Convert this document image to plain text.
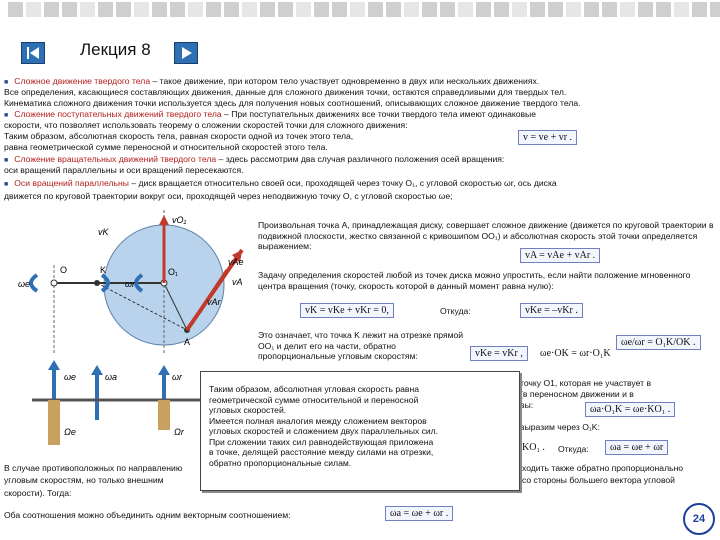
Лекция 8
■ Сложное движение твердого тела – такое движение, при котором тело участвует одновременно в двух или нескольких движениях.
Все определения, касающиеся составляющих движения, данные для сложного движения точки, остаются справедливыми для твердых тел.
Кинематика сложного движения точки используется здесь для получения новых соотношений, описывающих сложное движение твердого тела.
■ Сложение поступательных движений твердого тела – При поступательных движениях все точки твердого тела имеют одинаковые
скорости, что позволяет использовать теорему о сложении скоростей точки для сложного движения:
Таким образом, абсолютная скорость тела, равная скорости одной из точек этого тела,
равна геометрической сумме переносной и относительной скоростей этого тела.
v = ve + vr .
■ Сложение вращательных движений твердого тела – здесь рассмотрим два случая различного положения осей вращения:
оси вращений параллельны и оси вращений пересекаются.
■ Оси вращений параллельны – диск вращается относительно своей оси, проходящей через точку O₁, с угловой скоростью ωr, ось диска
движется по круговой траектории вокруг оси, проходящей через неподвижную точку O, с угловой скоростью ωe;
O	K	O₁
A
ωe	ωr
vK
vO₁
vAe
vA
vAr
ωe	ωa	ωr
Ωe	Ωr
Произвольная точка A, принадлежащая диску, совершает сложное движение (движется по круговой траектории в подвижной плоскости, жестко связанной с кривошипом OO₁) и абсолютная скорость этой точки определяется выражением:
vA = vAe + vAr .
Задачу определения скоростей любой из точек диска можно упростить, если найти положение мгновенного центра вращения (точку, скорость которой в данный момент равна нулю):
vK = vKe + vKr = 0,	Откуда:	vKe = –vKr .
Это означает, что точка K лежит на отрезке прямой OO₁ и делит его на части, обратно пропорциональные угловым скоростям:	vKe = vKr ,	ωe·OK = ωr·O₁K
ωe/ωr = O₁K/OK .
точку O1, которая не участвует в
(в переносном движении и в
вы:	ωa·O₁K = ωe·KO₁ .
выразим через O₁K:
KO₁ . Откуда:	ωa = ωe + ωr
Таким образом, абсолютная угловая скорость равна
геометрической сумме относительной и переносной
угловых скоростей.
Имеется полная аналогия между сложением векторов
угловых скоростей и сложением двух параллельных сил.
При сложении таких сил равнодействующая приложена
в точке, делящей расстояние между силами на отрезки,
обратно пропорциональные силам.
В случае противоположных по направлению
угловым скоростям, но только внешним
ходить также обратно пропорционально
со стороны большего вектора угловой
скорости). Тогда:
Оба соотношения можно объединить одним векторным соотношением:	ωa = ωe + ωr .	24
